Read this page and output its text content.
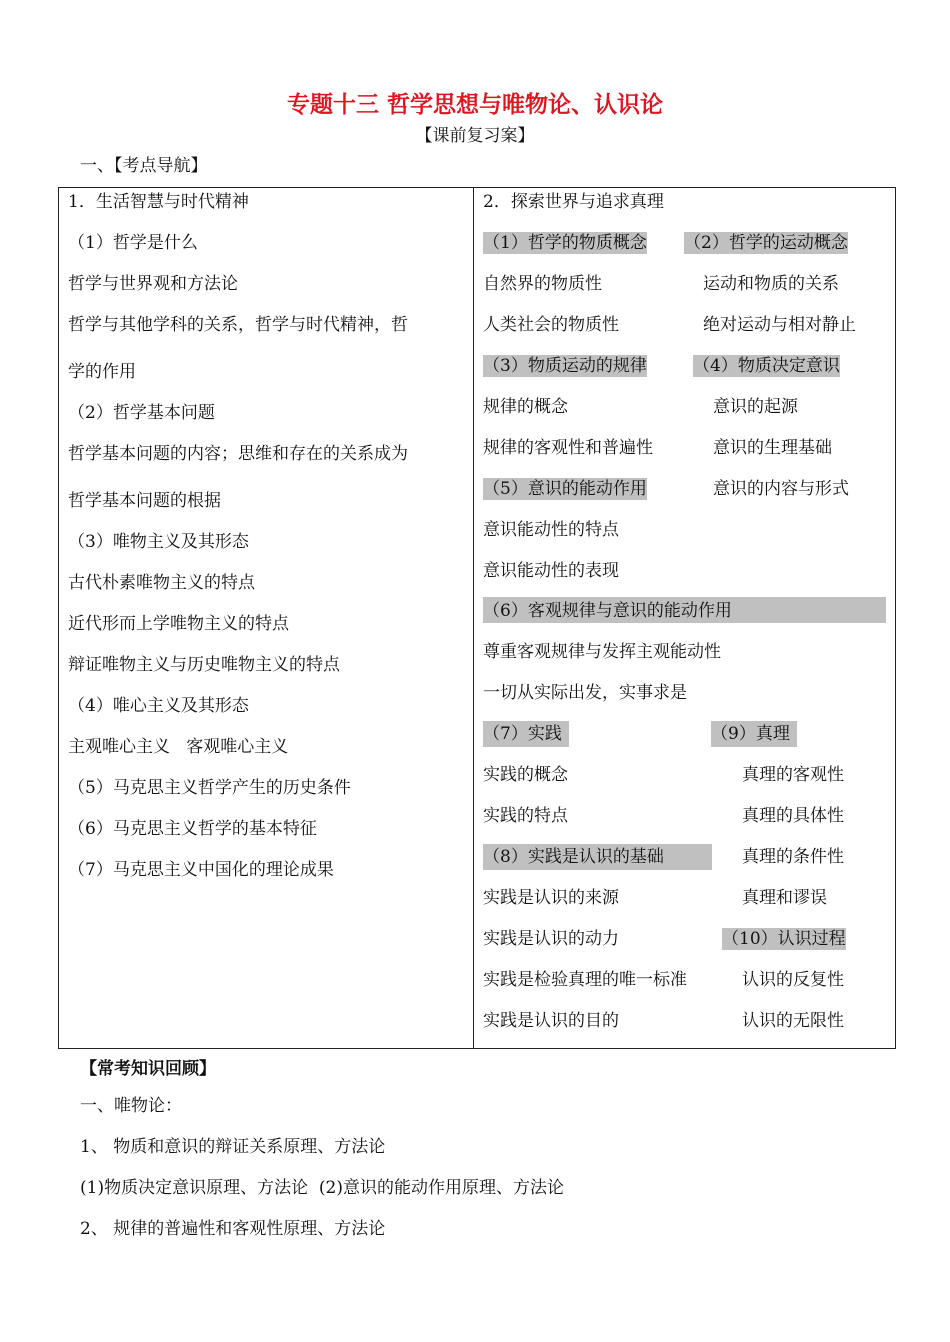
专题十三 哲学思想与唯物论、认识论
【课前复习案】
一、【考点导航】
1．生活智慧与时代精神
（1）哲学是什么
哲学与世界观和方法论
哲学与其他学科的关系，哲学与时代精神，哲
学的作用
（2）哲学基本问题
哲学基本问题的内容；思维和存在的关系成为
哲学基本问题的根据
（3）唯物主义及其形态
古代朴素唯物主义的特点
近代形而上学唯物主义的特点
辩证唯物主义与历史唯物主义的特点
（4）唯心主义及其形态
主观唯心主义   客观唯心主义
（5）马克思主义哲学产生的历史条件
（6）马克思主义哲学的基本特征
（7）马克思主义中国化的理论成果
2．探索世界与追求真理
（1）哲学的物质概念 （2）哲学的运动概念
自然界的物质性	运动和物质的关系
人类社会的物质性	绝对运动与相对静止
（3）物质运动的规律	（4）物质决定意识
规律的概念	意识的起源
规律的客观性和普遍性	意识的生理基础
（5）意识的能动作用	意识的内容与形式
意识能动性的特点
意识能动性的表现
（6）客观规律与意识的能动作用
尊重客观规律与发挥主观能动性
一切从实际出发，实事求是
（7）实践	（9）真理
实践的概念	真理的客观性
实践的特点	真理的具体性
（8）实践是认识的基础	真理的条件性
实践是认识的来源	真理和谬误
实践是认识的动力	（10）认识过程
实践是检验真理的唯一标准	认识的反复性
实践是认识的目的	认识的无限性
【常考知识回顾】
一、唯物论：
1、 物质和意识的辩证关系原理、方法论
(1)物质决定意识原理、方法论  (2)意识的能动作用原理、方法论
2、 规律的普遍性和客观性原理、方法论
